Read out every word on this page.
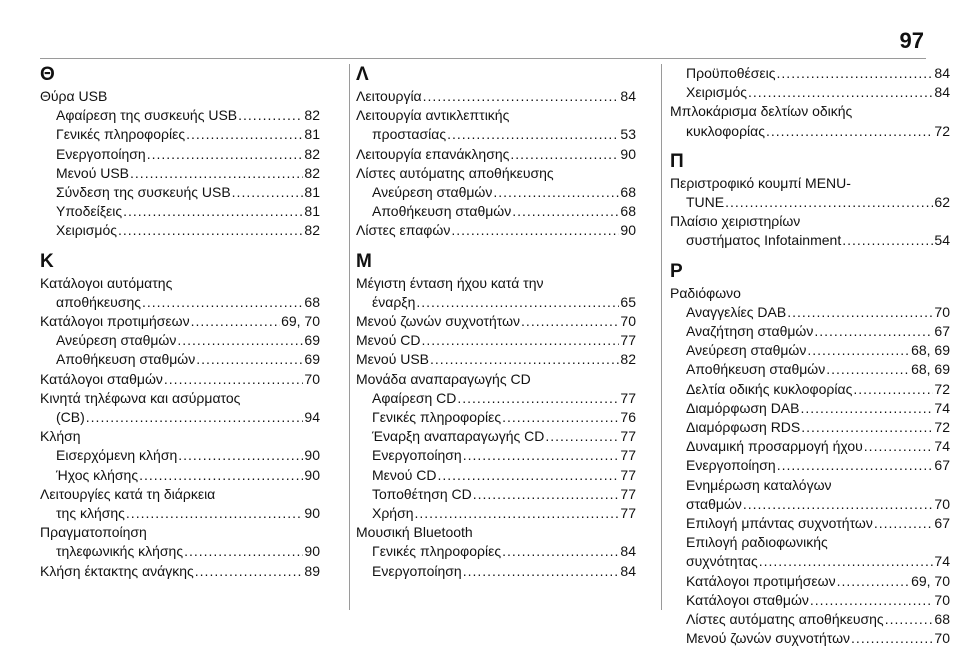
97
Θ
Θύρα USB
Αφαίρεση της συσκευής USB .....	82
Γενικές πληροφορίες .....	81
Ενεργοποίηση .....	82
Μενού USB .....	82
Σύνδεση της συσκευής USB .....	81
Υποδείξεις .....	81
Χειρισμός .....	82
Κ
Κατάλογοι αυτόματης
αποθήκευσης .....	68
Κατάλογοι προτιμήσεων .....	69, 70
Ανεύρεση σταθμών .....	69
Αποθήκευση σταθμών .....	69
Κατάλογοι σταθμών .....	70
Κινητά τηλέφωνα και ασύρματος
(CB) .....	94
Κλήση
Εισερχόμενη κλήση .....	90
Ήχος κλήσης .....	90
Λειτουργίες κατά τη διάρκεια
της κλήσης .....	90
Πραγματοποίηση
τηλεφωνικής κλήσης .....	90
Κλήση έκτακτης ανάγκης .....	89
Λ
Λειτουργία .....	84
Λειτουργία αντικλεπτικής
προστασίας .....	53
Λειτουργία επανάκλησης .....	90
Λίστες αυτόματης αποθήκευσης
Ανεύρεση σταθμών .....	68
Αποθήκευση σταθμών .....	68
Λίστες επαφών .....	90
Μ
Μέγιστη ένταση ήχου κατά την
έναρξη .....	65
Μενού ζωνών συχνοτήτων .....	70
Μενού CD .....	77
Μενού USB .....	82
Μονάδα αναπαραγωγής CD
Αφαίρεση CD .....	77
Γενικές πληροφορίες .....	76
Έναρξη αναπαραγωγής CD .....	77
Ενεργοποίηση .....	77
Μενού CD .....	77
Τοποθέτηση CD .....	77
Χρήση .....	77
Μουσική Bluetooth
Γενικές πληροφορίες .....	84
Ενεργοποίηση .....	84
Προϋποθέσεις .....	84
Χειρισμός .....	84
Μπλοκάρισμα δελτίων οδικής
κυκλοφορίας .....	72
Π
Περιστροφικό κουμπί MENU-
TUNE .....	62
Πλαίσιο χειριστηρίων
συστήματος Infotainment .....	54
Ρ
Ραδιόφωνο
Αναγγελίες DAB .....	70
Αναζήτηση σταθμών .....	67
Ανεύρεση σταθμών .....	68, 69
Αποθήκευση σταθμών .....	68, 69
Δελτία οδικής κυκλοφορίας .....	72
Διαμόρφωση DAB .....	74
Διαμόρφωση RDS .....	72
Δυναμική προσαρμογή ήχου .....	74
Ενεργοποίηση .....	67
Ενημέρωση καταλόγων
σταθμών .....	70
Επιλογή μπάντας συχνοτήτων .....	67
Επιλογή ραδιοφωνικής
συχνότητας .....	74
Κατάλογοι προτιμήσεων .....	69, 70
Κατάλογοι σταθμών .....	70
Λίστες αυτόματης αποθήκευσης .....	68
Μενού ζωνών συχνοτήτων .....	70
